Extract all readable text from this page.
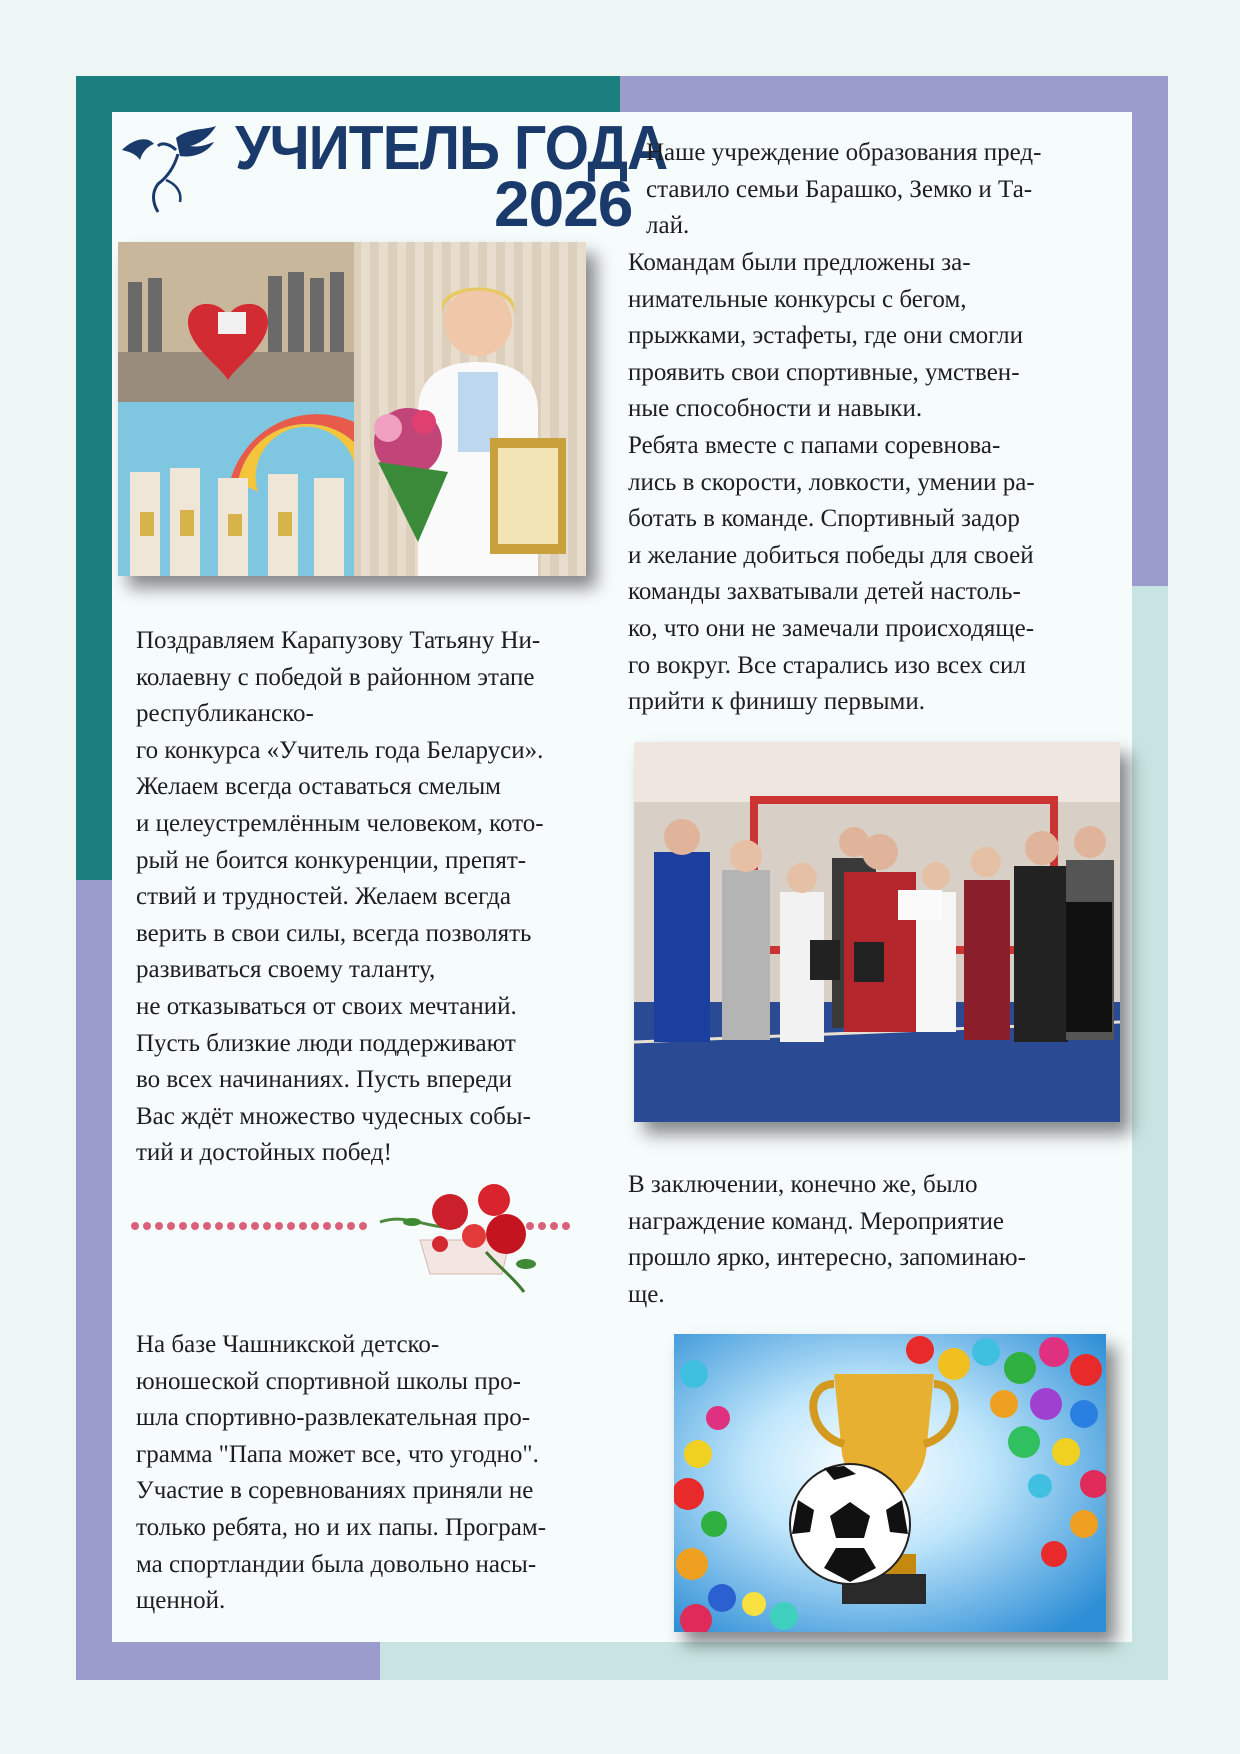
УЧИТЕЛЬ ГОДА
2026
Поздравляем Карапузову Татьяну Ни-
колаевну с победой в районном этапе
республиканско-
го конкурса «Учитель года Беларуси».
Желаем всегда оставаться смелым
и целеустремлённым человеком, кото-
рый не боится конкуренции, препят-
ствий и трудностей. Желаем всегда
верить в свои силы, всегда позволять
развиваться своему таланту,
не отказываться от своих мечтаний.
Пусть близкие люди поддерживают
во всех начинаниях. Пусть впереди
Вас ждёт множество чудесных собы-
тий и достойных побед!
На базе Чашникской детско-
юношеской спортивной школы про-
шла спортивно-развлекательная про-
грамма "Папа может все, что угодно".
Участие в соревнованиях приняли не
только ребята, но и их папы. Програм-
ма спортландии была довольно насы-
щенной.
Наше учреждение образования пред-
ставило семьи Барашко, Земко и Та-
лай.
Командам были предложены за-
нимательные конкурсы с бегом,
прыжками, эстафеты, где они смогли
проявить свои спортивные, умствен-
ные способности и навыки.
Ребята вместе с папами соревнова-
лись в скорости, ловкости, умении ра-
ботать в команде. Спортивный задор
и желание добиться победы для своей
команды захватывали детей настоль-
ко, что они не замечали происходяще-
го вокруг. Все старались изо всех сил
прийти к финишу первыми.
В заключении, конечно же, было
награждение команд. Мероприятие
прошло ярко, интересно, запоминаю-
ще.
